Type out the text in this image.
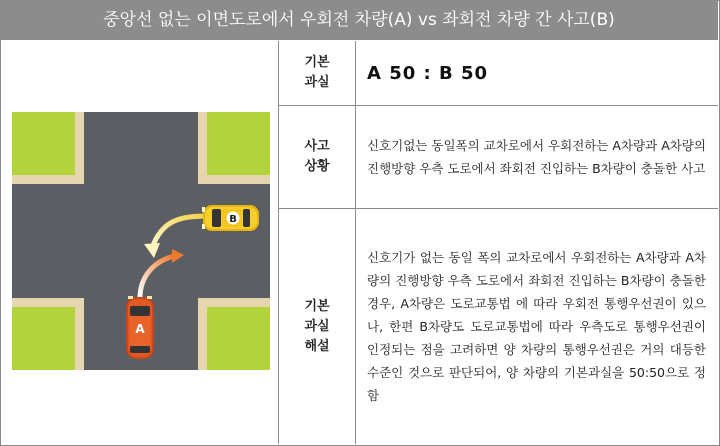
중앙선 없는 이면도로에서 우회전 차량(A) vs 좌회전 차량 간 사고(B)
B
A
기본
과실 A 50 : B 50
사고
상황
신호기없는 동일폭의 교차로에서 우회전하는 A차량과 A차량의 진행방향 우측 도로에서 좌회전 진입하는 B차량이 충돌한 사고
기본
과실
해설
신호기가 없는 동일 폭의 교차로에서 우회전하는 A차량과 A차량의 진행방향 우측 도로에서 좌회전 진입하는 B차량이 충돌한 경우, A차량은 도로교통법 에 따라 우회전 통행우선권이 있으나, 한편 B차량도 도로교통법에 따라 우측도로 통행우선권이 인정되는 점을 고려하면 양 차량의 통행우선권은 거의 대등한 수준인 것으로 판단되어, 양 차량의 기본과실을 50:50으로 정함
